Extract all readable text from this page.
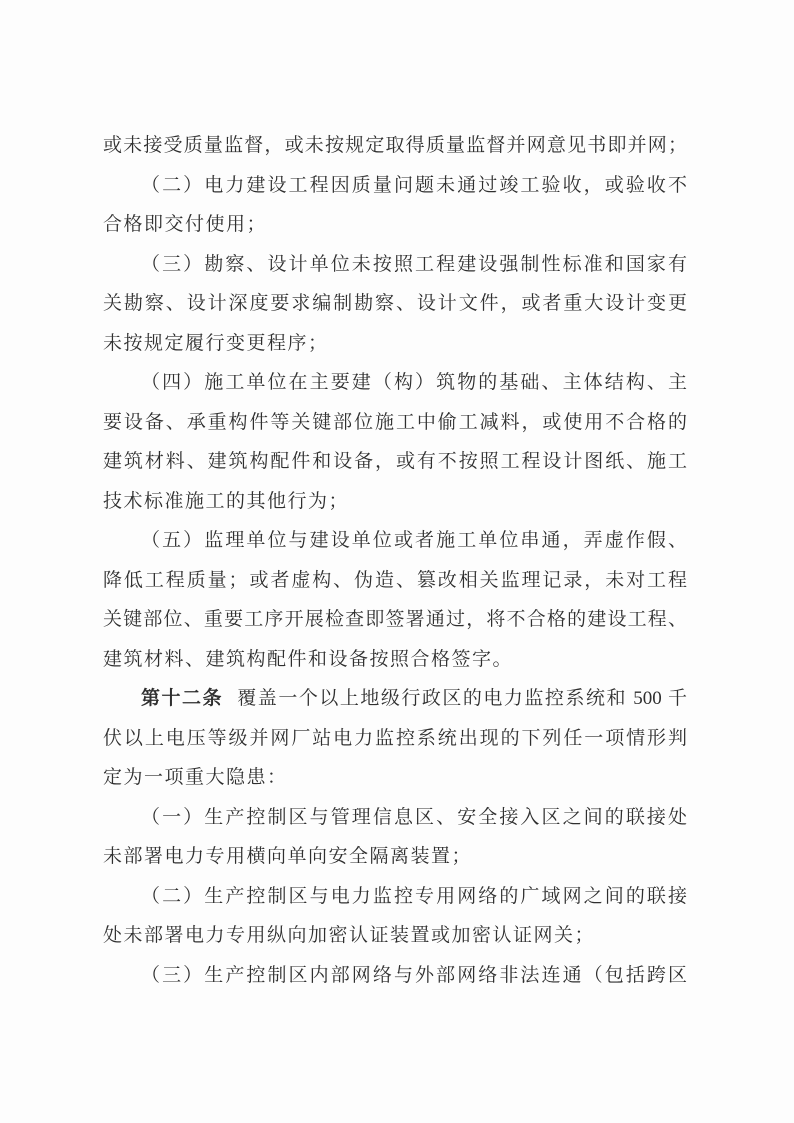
或未接受质量监督，或未按规定取得质量监督并网意见书即并网；
（二）电力建设工程因质量问题未通过竣工验收，或验收不
合格即交付使用；
（三）勘察、设计单位未按照工程建设强制性标准和国家有
关勘察、设计深度要求编制勘察、设计文件，或者重大设计变更
未按规定履行变更程序；
（四）施工单位在主要建（构）筑物的基础、主体结构、主
要设备、承重构件等关键部位施工中偷工减料，或使用不合格的
建筑材料、建筑构配件和设备，或有不按照工程设计图纸、施工
技术标准施工的其他行为；
（五）监理单位与建设单位或者施工单位串通，弄虚作假、
降低工程质量；或者虚构、伪造、篡改相关监理记录，未对工程
关键部位、重要工序开展检查即签署通过，将不合格的建设工程、
建筑材料、建筑构配件和设备按照合格签字。
第十二条 覆盖一个以上地级行政区的电力监控系统和 500 千
伏以上电压等级并网厂站电力监控系统出现的下列任一项情形判
定为一项重大隐患：
（一）生产控制区与管理信息区、安全接入区之间的联接处
未部署电力专用横向单向安全隔离装置；
（二）生产控制区与电力监控专用网络的广域网之间的联接
处未部署电力专用纵向加密认证装置或加密认证网关；
（三）生产控制区内部网络与外部网络非法连通（包括跨区
